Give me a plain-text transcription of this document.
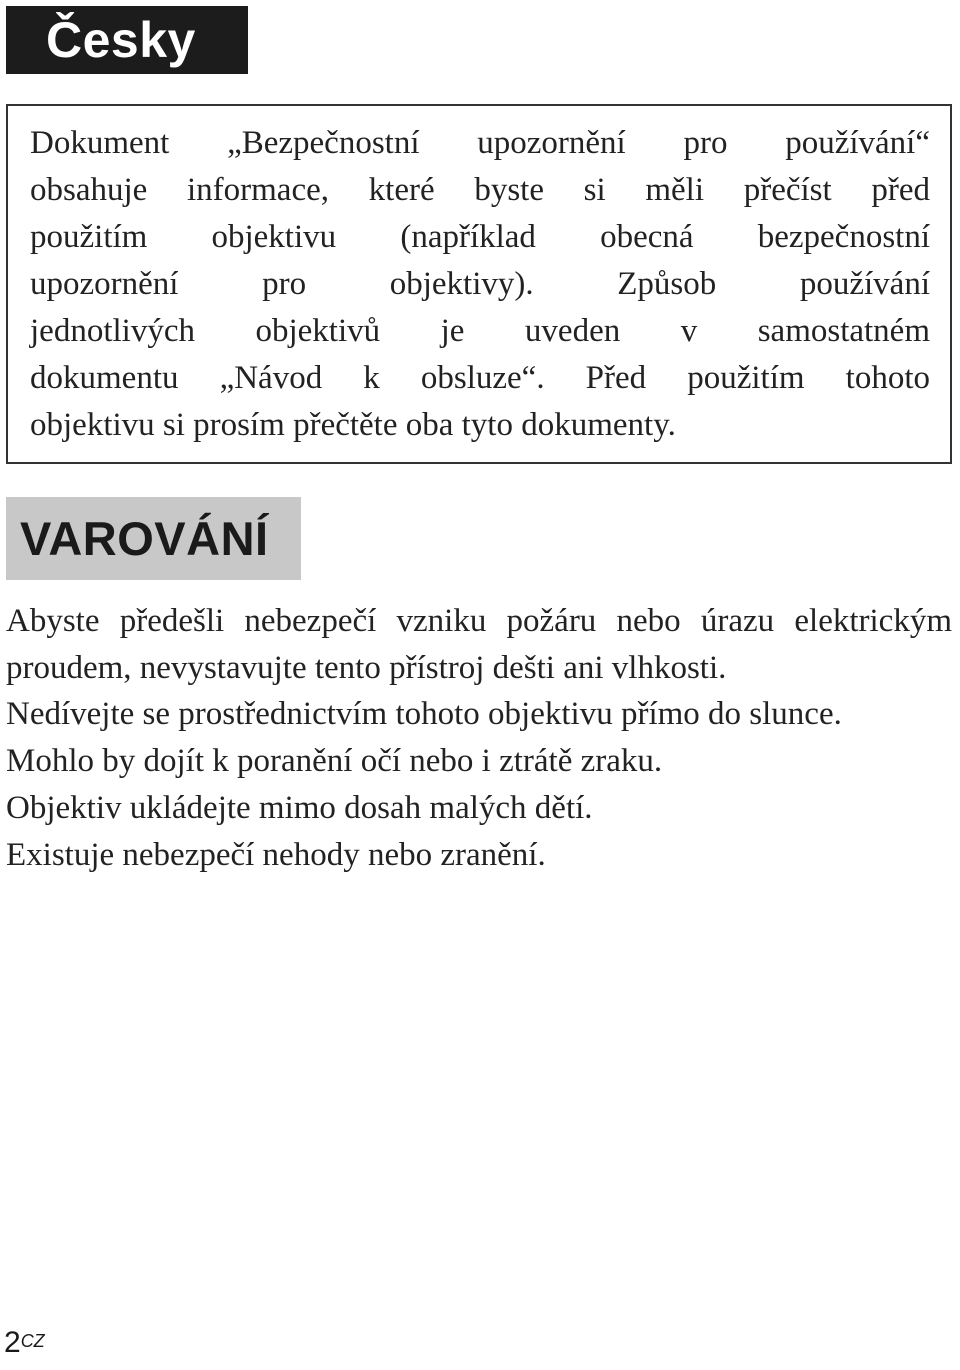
Česky

Dokument „Bezpečnostní upozornění pro používání“

obsahuje informace, které byste si měli přečíst před

použitím objektivu (například obecná bezpečnostní

upozornění pro objektivy). Způsob používání

jednotlivých objektivů je uveden v samostatném

dokumentu „Návod k obsluze“. Před použitím tohoto

objektivu si prosím přečtěte oba tyto dokumenty.

VAROVÁNÍ

Abyste předešli nebezpečí vzniku požáru nebo úrazu elektrickým proudem, nevystavujte tento přístroj dešti ani vlhkosti.

Nedívejte se prostřednictvím tohoto objektivu přímo do slunce.

Mohlo by dojít k poranění očí nebo i ztrátě zraku.

Objektiv ukládejte mimo dosah malých dětí.

Existuje nebezpečí nehody nebo zranění.

$2^{CZ}$
